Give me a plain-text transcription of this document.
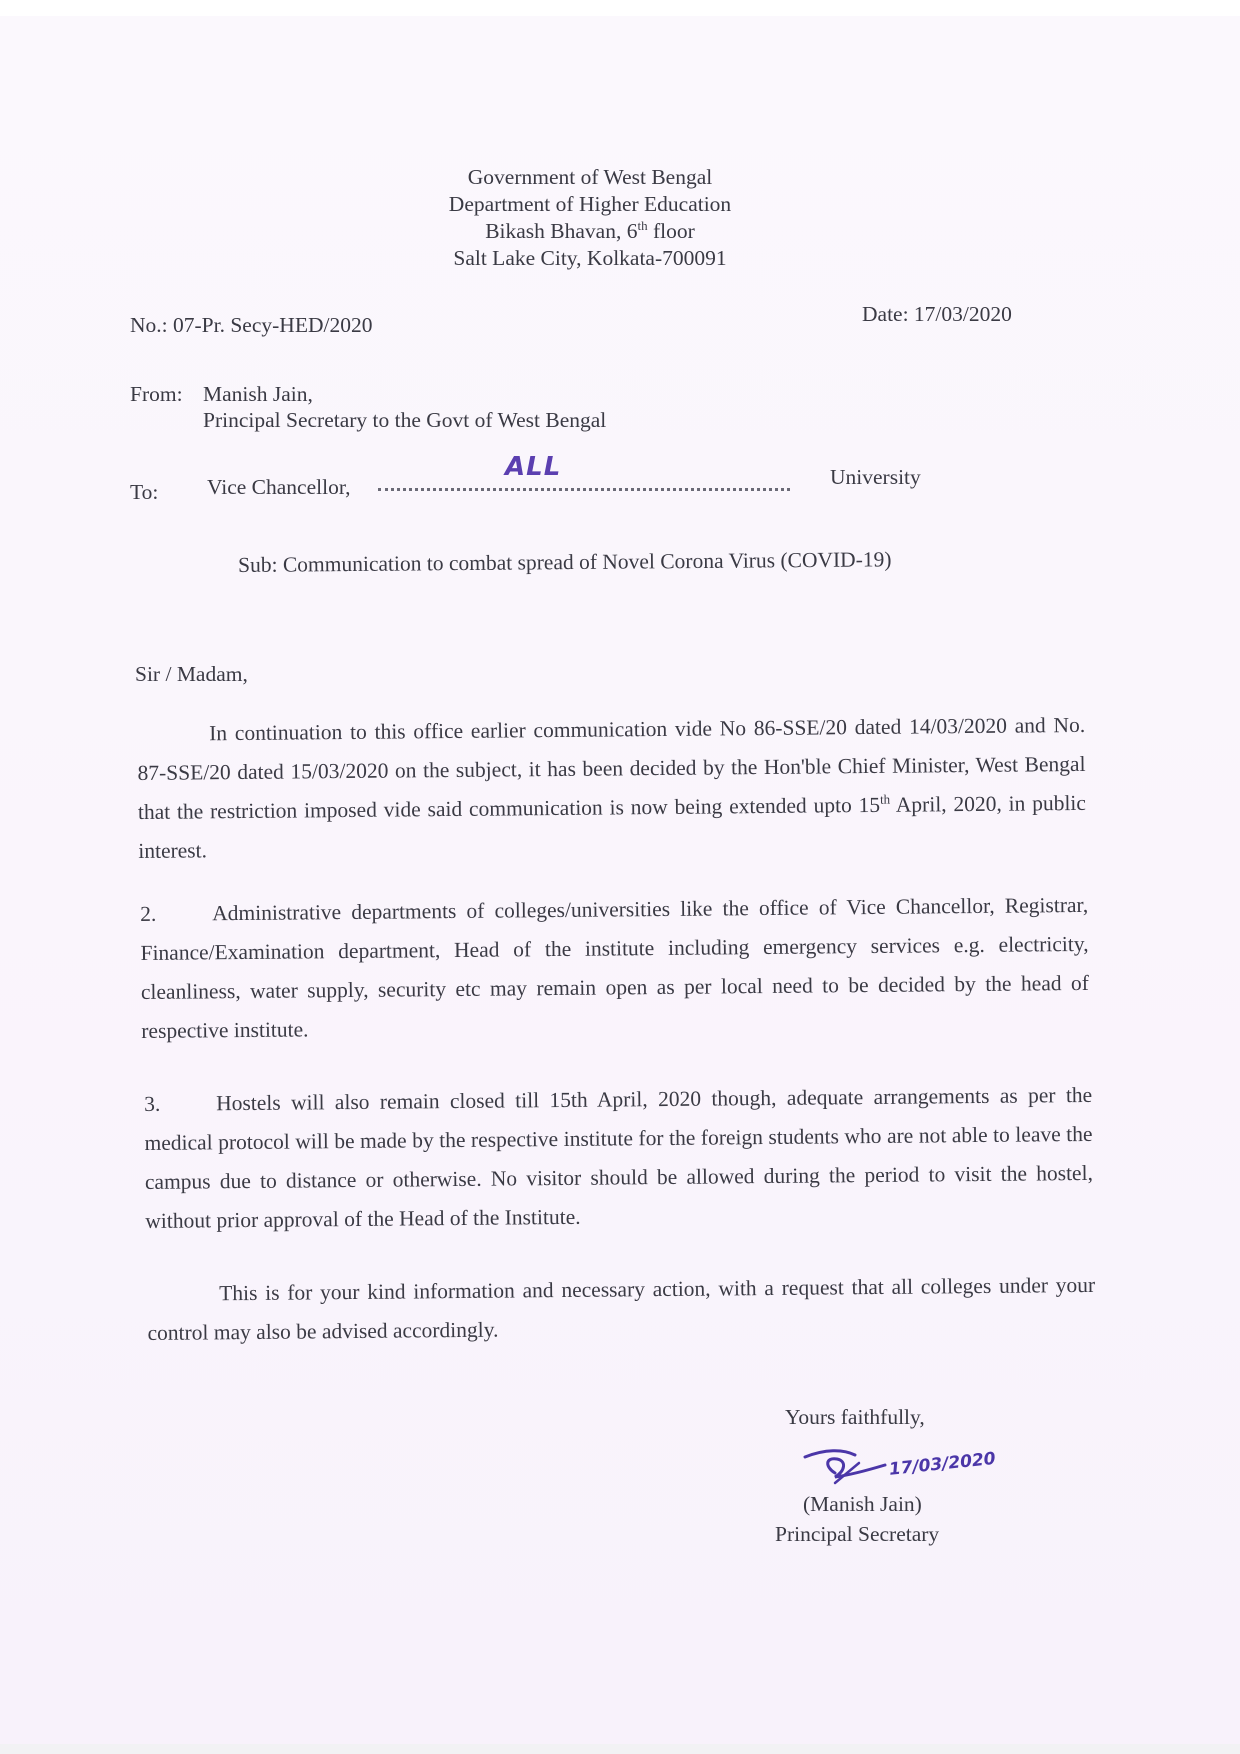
Government of West Bengal
Department of Higher Education
Bikash Bhavan, 6th floor
Salt Lake City, Kolkata-700091
No.: 07-Pr. Secy-HED/2020	Date: 17/03/2020
From: Manish Jain,
Principal Secretary to the Govt of West Bengal
To: Vice Chancellor,
ALL	University
Sub: Communication to combat spread of Novel Corona Virus (COVID-19)
Sir / Madam,
In continuation to this office earlier communication vide No 86-SSE/20 dated 14/03/2020 and No. 87-SSE/20 dated 15/03/2020 on the subject, it has been decided by the Hon'ble Chief Minister, West Bengal that the restriction imposed vide said communication is now being extended upto 15th April, 2020, in public interest.
2.	Administrative departments of colleges/universities like the office of Vice Chancellor, Registrar, Finance/Examination department, Head of the institute including emergency services e.g. electricity, cleanliness, water supply, security etc may remain open as per local need to be decided by the head of respective institute.
3.	Hostels will also remain closed till 15th April, 2020 though, adequate arrangements as per the medical protocol will be made by the respective institute for the foreign students who are not able to leave the campus due to distance or otherwise. No visitor should be allowed during the period to visit the hostel, without prior approval of the Head of the Institute.
This is for your kind information and necessary action, with a request that all colleges under your control may also be advised accordingly.
Yours faithfully,
17/03/2020
(Manish Jain)
Principal Secretary
